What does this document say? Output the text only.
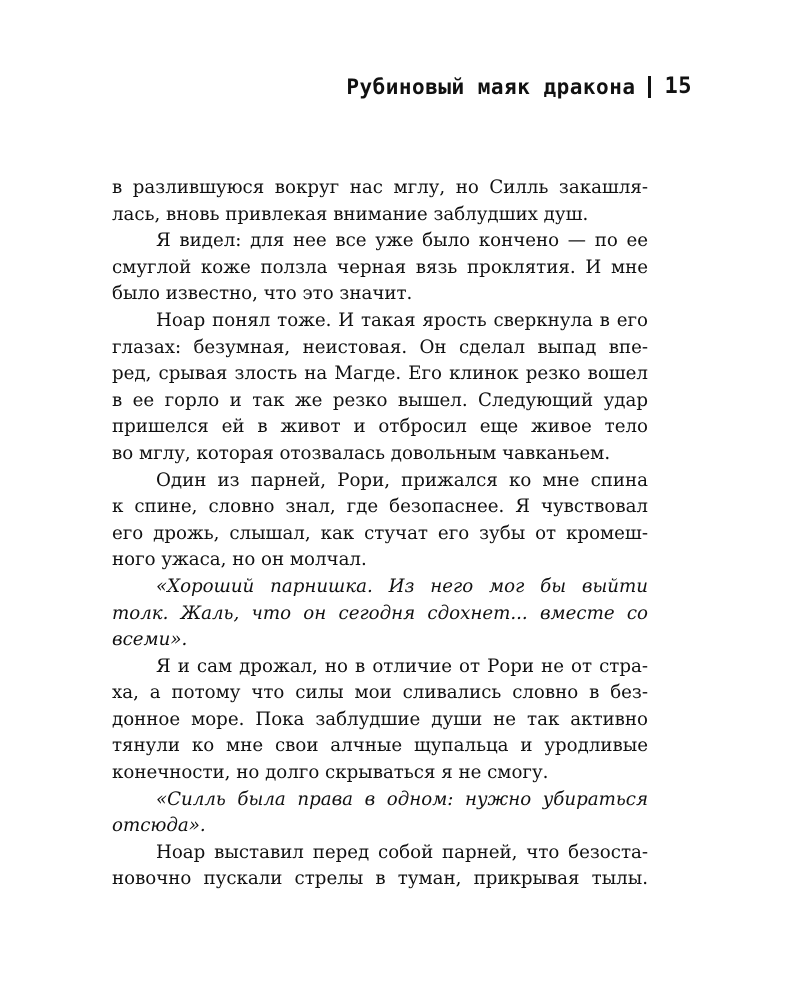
Рубиновый маяк дракона 15
в разлившуюся вокруг нас мглу, но Силль закашля-
лась, вновь привлекая внимание заблудших душ.
Я видел: для нее все уже было кончено — по ее
смуглой коже ползла черная вязь проклятия. И мне
было известно, что это значит.
Ноар понял тоже. И такая ярость сверкнула в его
глазах: безумная, неистовая. Он сделал выпад впе-
ред, срывая злость на Магде. Его клинок резко вошел
в ее горло и так же резко вышел. Следующий удар
пришелся ей в живот и отбросил еще живое тело
во мглу, которая отозвалась довольным чавканьем.
Один из парней, Рори, прижался ко мне спина
к спине, словно знал, где безопаснее. Я чувствовал
его дрожь, слышал, как стучат его зубы от кромеш-
ного ужаса, но он молчал.
«Хороший парнишка. Из него мог бы выйти
толк. Жаль, что он сегодня сдохнет... вместе со
всеми».
Я и сам дрожал, но в отличие от Рори не от стра-
ха, а потому что силы мои сливались словно в без-
донное море. Пока заблудшие души не так активно
тянули ко мне свои алчные щупальца и уродливые
конечности, но долго скрываться я не смогу.
«Силль была права в одном: нужно убираться
отсюда».
Ноар выставил перед собой парней, что безоста-
новочно пускали стрелы в туман, прикрывая тылы.
